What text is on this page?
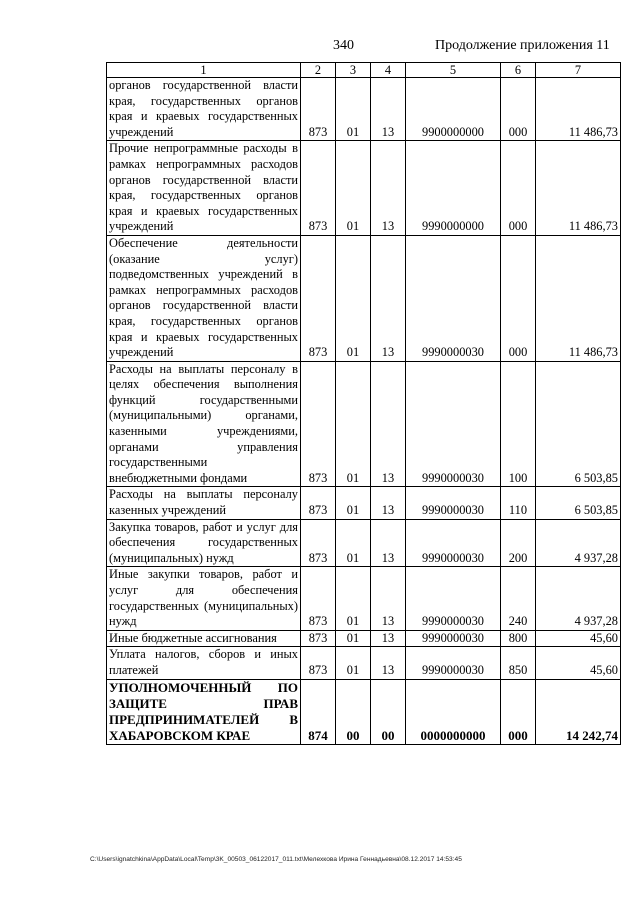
340	Продолжение приложения 11
1	2	3	4	5	6	7
органов государственной власти края, государственных органов края и краевых государственных учреждений	873	01	13	9900000000	000	11 486,73
Прочие непрограммные расходы в рамках непрограммных расходов органов государственной власти края, государственных органов края и краевых государственных учреждений	873	01	13	9990000000	000	11 486,73
Обеспечение деятельности (оказание услуг) подведомственных учреждений в рамках непрограммных расходов органов государственной власти края, государственных органов края и краевых государственных учреждений	873	01	13	9990000030	000	11 486,73
Расходы на выплаты персоналу в целях обеспечения выполнения функций государственными (муниципальными) органами, казенными учреждениями, органами управления государственными внебюджетными фондами	873	01	13	9990000030	100	6 503,85
Расходы на выплаты персоналу казенных учреждений	873	01	13	9990000030	110	6 503,85
Закупка товаров, работ и услуг для обеспечения государственных (муниципальных) нужд	873	01	13	9990000030	200	4 937,28
Иные закупки товаров, работ и услуг для обеспечения государственных (муниципальных) нужд	873	01	13	9990000030	240	4 937,28
Иные бюджетные ассигнования	873	01	13	9990000030	800	45,60
Уплата налогов, сборов и иных платежей	873	01	13	9990000030	850	45,60
УПОЛНОМОЧЕННЫЙ ПО ЗАЩИТЕ ПРАВ ПРЕДПРИНИМАТЕЛЕЙ В ХАБАРОВСКОМ КРАЕ	874	00	00	0000000000	000	14 242,74
C:\Users\ignatchkina\AppData\Local\Temp\3K_00503_06122017_011.txt\Мелехкова Ирина Геннадьевна\08.12.2017 14:53:45
